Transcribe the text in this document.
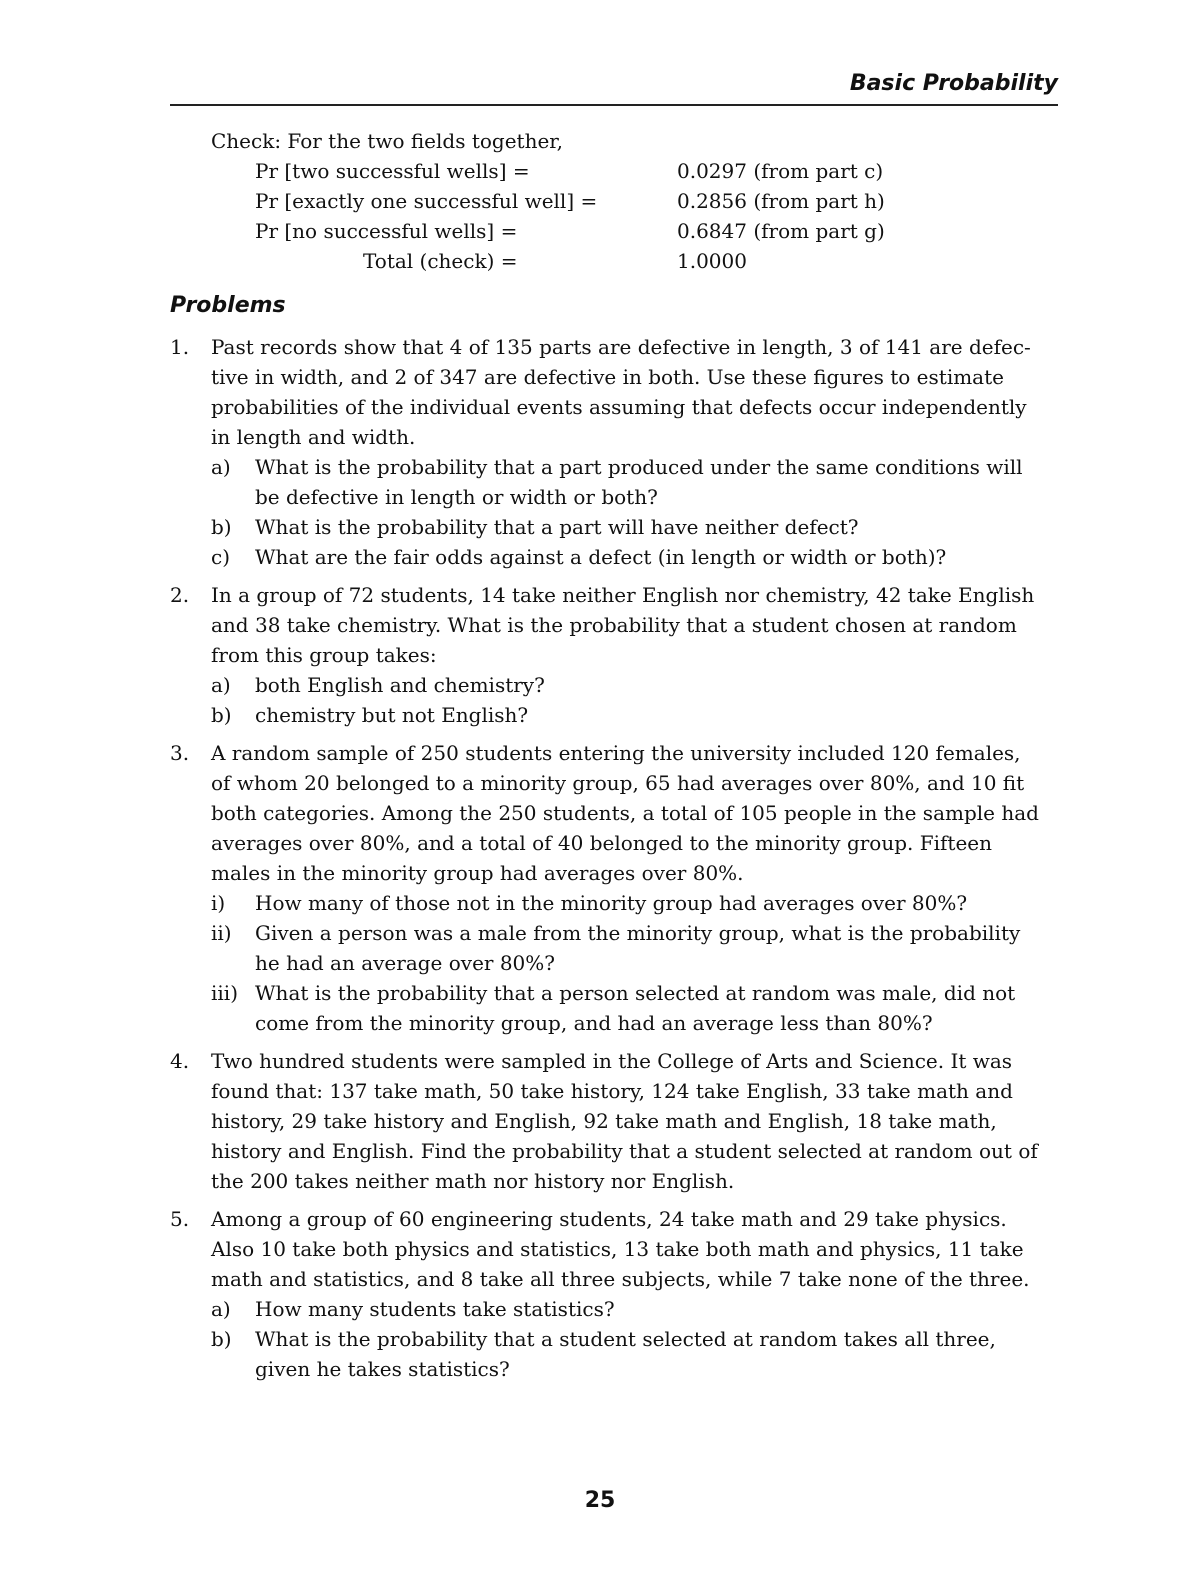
Basic Probability
Check: For the two fields together,
Pr [two successful wells] =	0.0297 (from part c)
Pr [exactly one successful well] =	0.2856 (from part h)
Pr [no successful wells] =	0.6847 (from part g)
Total (check) =	1.0000
Problems
1. Past records show that 4 of 135 parts are defective in length, 3 of 141 are defec-
tive in width, and 2 of 347 are defective in both. Use these figures to estimate
probabilities of the individual events assuming that defects occur independently
in length and width.
a) What is the probability that a part produced under the same conditions will
be defective in length or width or both?
b) What is the probability that a part will have neither defect?
c) What are the fair odds against a defect (in length or width or both)?
2. In a group of 72 students, 14 take neither English nor chemistry, 42 take English
and 38 take chemistry. What is the probability that a student chosen at random
from this group takes:
a) both English and chemistry?
b) chemistry but not English?
3. A random sample of 250 students entering the university included 120 females,
of whom 20 belonged to a minority group, 65 had averages over 80%, and 10 fit
both categories. Among the 250 students, a total of 105 people in the sample had
averages over 80%, and a total of 40 belonged to the minority group. Fifteen
males in the minority group had averages over 80%.
i) How many of those not in the minority group had averages over 80%?
ii) Given a person was a male from the minority group, what is the probability
he had an average over 80%?
iii) What is the probability that a person selected at random was male, did not
come from the minority group, and had an average less than 80%?
4. Two hundred students were sampled in the College of Arts and Science. It was
found that: 137 take math, 50 take history, 124 take English, 33 take math and
history, 29 take history and English, 92 take math and English, 18 take math,
history and English. Find the probability that a student selected at random out of
the 200 takes neither math nor history nor English.
5. Among a group of 60 engineering students, 24 take math and 29 take physics.
Also 10 take both physics and statistics, 13 take both math and physics, 11 take
math and statistics, and 8 take all three subjects, while 7 take none of the three.
a) How many students take statistics?
b) What is the probability that a student selected at random takes all three,
given he takes statistics?
25
